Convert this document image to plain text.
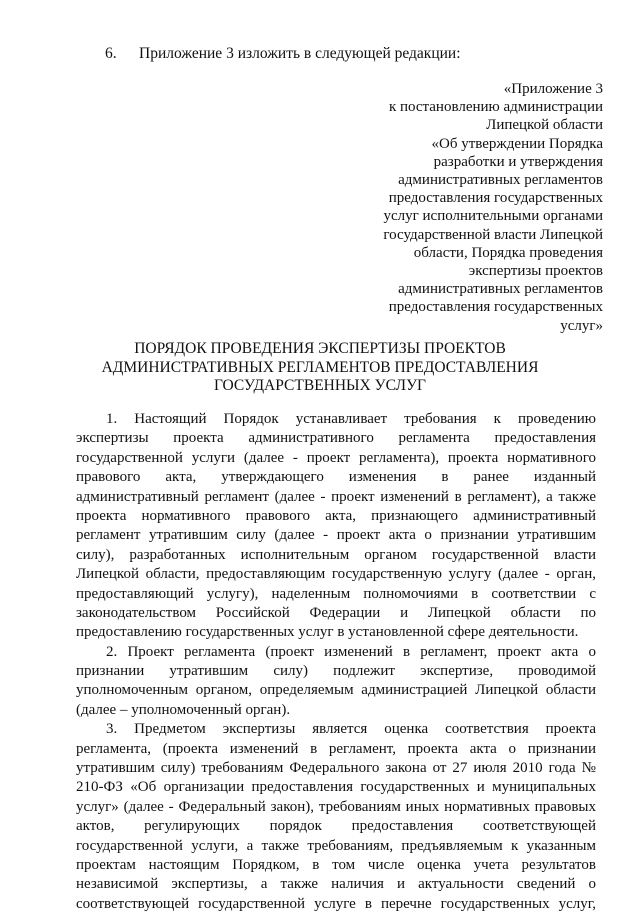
6. Приложение 3 изложить в следующей редакции:
«Приложение 3
к постановлению администрации
Липецкой области
«Об утверждении Порядка
разработки и утверждения
административных регламентов
предоставления государственных
услуг исполнительными органами
государственной власти Липецкой
области, Порядка проведения
экспертизы проектов
административных регламентов
предоставления государственных
услуг»
ПОРЯДОК ПРОВЕДЕНИЯ ЭКСПЕРТИЗЫ ПРОЕКТОВ
АДМИНИСТРАТИВНЫХ РЕГЛАМЕНТОВ ПРЕДОСТАВЛЕНИЯ
ГОСУДАРСТВЕННЫХ УСЛУГ
1. Настоящий Порядок устанавливает требования к проведению
экспертизы проекта административного регламента предоставления
государственной услуги (далее - проект регламента), проекта нормативного
правового акта, утверждающего изменения в ранее изданный
административный регламент (далее - проект изменений в регламент), а также
проекта нормативного правового акта, признающего административный
регламент утратившим силу (далее - проект акта о признании утратившим
силу), разработанных исполнительным органом государственной власти
Липецкой области, предоставляющим государственную услугу (далее - орган,
предоставляющий услугу), наделенным полномочиями в соответствии с
законодательством Российской Федерации и Липецкой области по
предоставлению государственных услуг в установленной сфере деятельности.
2. Проект регламента (проект изменений в регламент, проект акта о
признании утратившим силу) подлежит экспертизе, проводимой
уполномоченным органом, определяемым администрацией Липецкой области
(далее – уполномоченный орган).
3. Предметом экспертизы является оценка соответствия проекта
регламента, (проекта изменений в регламент, проекта акта о признании
утратившим силу) требованиям Федерального закона от 27 июля 2010 года №
210-ФЗ «Об организации предоставления государственных и муниципальных
услуг» (далее - Федеральный закон), требованиям иных нормативных правовых
актов, регулирующих порядок предоставления соответствующей
государственной услуги, а также требованиям, предъявляемым к указанным
проектам настоящим Порядком, в том числе оценка учета результатов
независимой экспертизы, а также наличия и актуальности сведений о
соответствующей государственной услуге в перечне государственных услуг,
